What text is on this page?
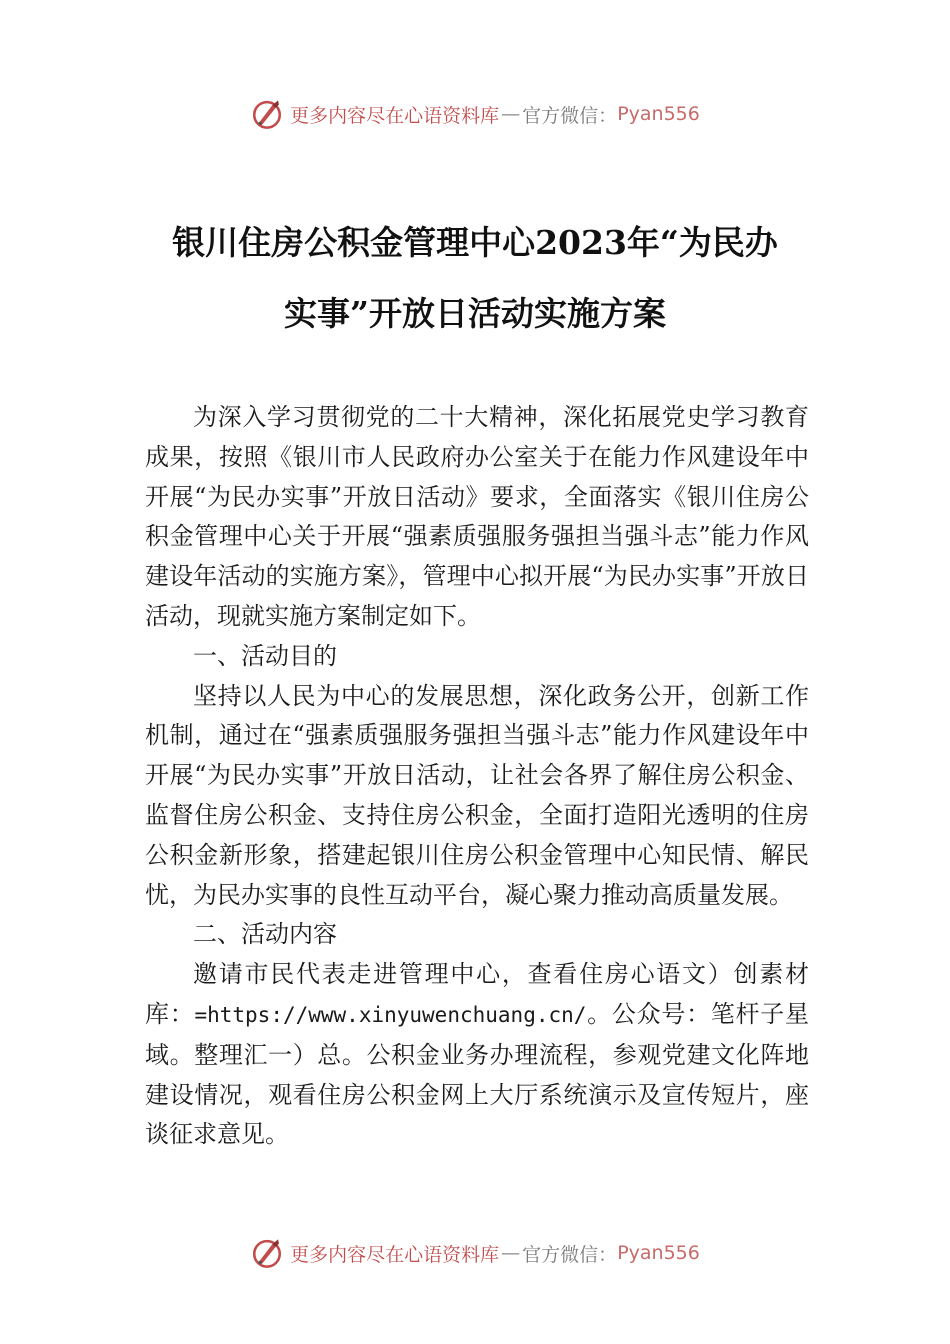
更多内容尽在心语资料库 — 官方微信： Pyan556
银川住房公积金管理中心2023年“为民办
实事”开放日活动实施方案

为深入学习贯彻党的二十大精神，深化拓展党史学习教育成果，按照《银川市人民政府办公室关于在能力作风建设年中开展“为民办实事”开放日活动》要求，全面落实《银川住房公积金管理中心关于开展“强素质强服务强担当强斗志”能力作风建设年活动的实施方案》，管理中心拟开展“为民办实事”开放日活动，现就实施方案制定如下。

一、活动目的

坚持以人民为中心的发展思想，深化政务公开，创新工作机制，通过在“强素质强服务强担当强斗志”能力作风建设年中开展“为民办实事”开放日活动，让社会各界了解住房公积金、监督住房公积金、支持住房公积金，全面打造阳光透明的住房公积金新形象，搭建起银川住房公积金管理中心知民情、解民忧，为民办实事的良性互动平台，凝心聚力推动高质量发展。

二、活动内容

邀请市民代表走进管理中心，查看住房心语文）创素材库：=https://www.xinyuwenchuang.cn/。公众号：笔杆子星域。整理汇一）总。公积金业务办理流程，参观党建文化阵地建设情况，观看住房公积金网上大厅系统演示及宣传短片，座谈征求意见。

更多内容尽在心语资料库 — 官方微信： Pyan556
